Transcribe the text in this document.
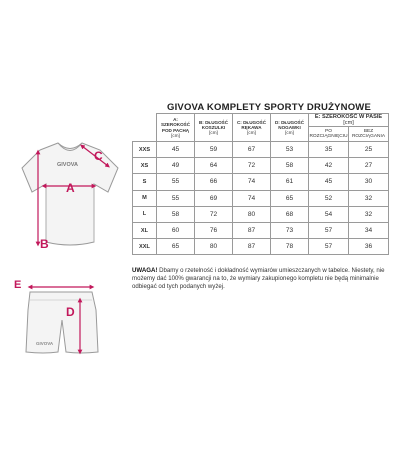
GIVOVA
GIVOVA
A
B
C
D
E
GIVOVA KOMPLETY SPORTY DRUŻYNOWE
	A: SZEROKOŚĆ POD PACHĄ
[cm]	B: DŁUGOŚĆ KOSZULKI
[cm]	C: DŁUGOŚĆ RĘKAWA
[cm]	D: DŁUGOŚĆ NOGAWKI
[cm]	E: SZEROKOŚĆ W PASIE [cm]	
					PO ROZCIĄGNIĘCIU	BEZ ROZCIĄGANIA
XXS	45	59	67	53	35	25
XS	49	64	72	58	42	27
S	55	66	74	61	45	30
M	55	69	74	65	52	32
L	58	72	80	68	54	32
XL	60	76	87	73	57	34
XXL	65	80	87	78	57	36
UWAGA! Dbamy o rzetelność i dokładność wymiarów umieszczanych w tabelce. Niestety, nie możemy dać 100% gwarancji na to, że wymiary zakupionego kompletu nie będą minimalnie odbiegać od tych podanych wyżej.
